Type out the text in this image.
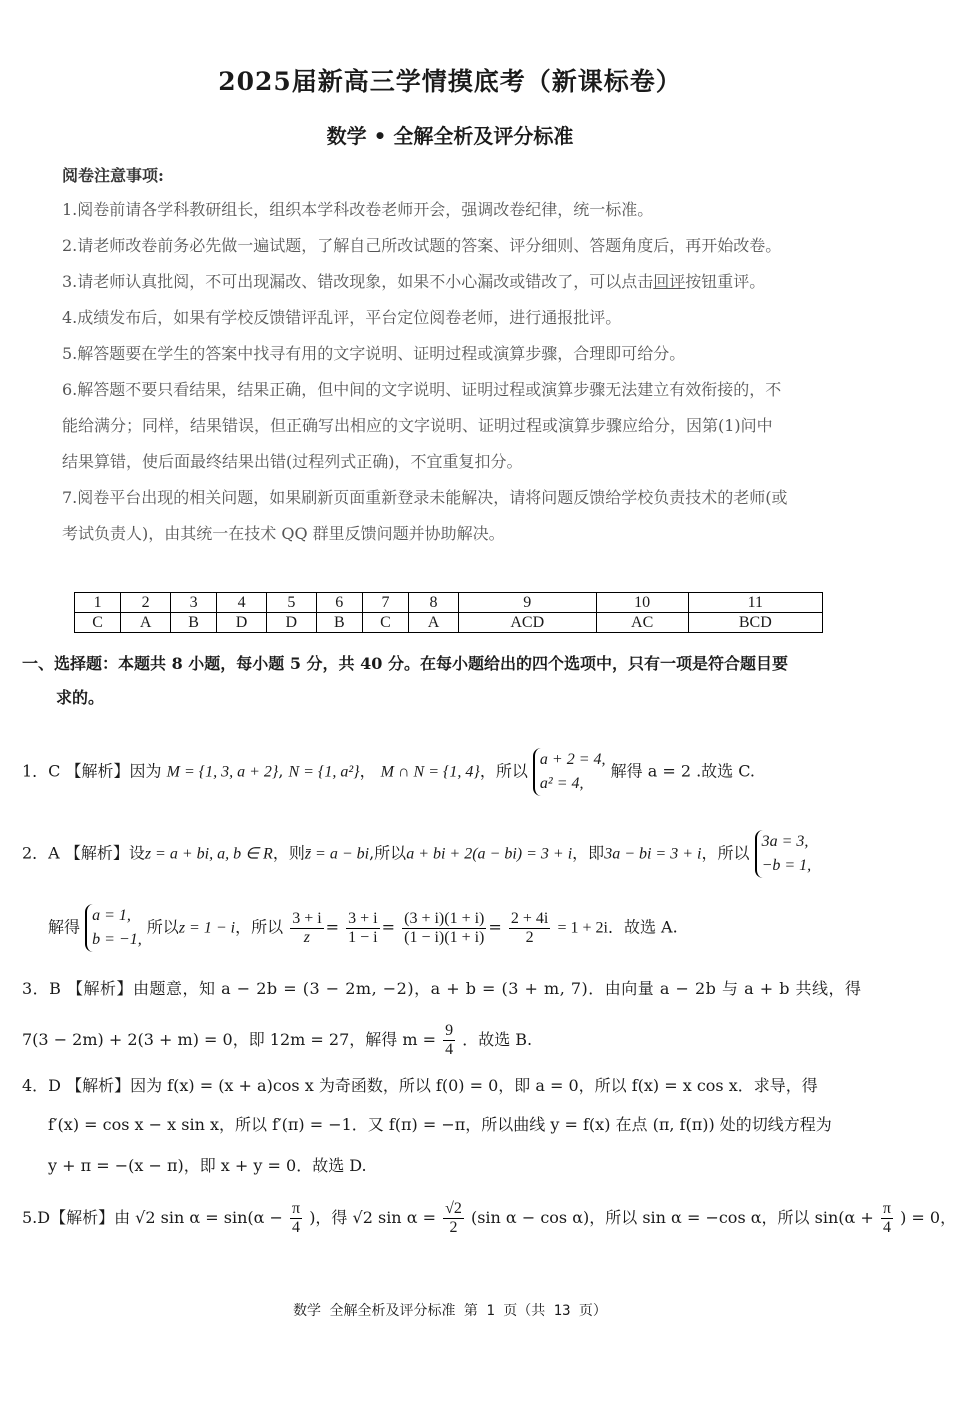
2025届新高三学情摸底考（新课标卷）
数学 • 全解全析及评分标准
阅卷注意事项:
1.阅卷前请各学科教研组长，组织本学科改卷老师开会，强调改卷纪律，统一标准。
2.请老师改卷前务必先做一遍试题，了解自己所改试题的答案、评分细则、答题角度后，再开始改卷。
3.请老师认真批阅，不可出现漏改、错改现象，如果不小心漏改或错改了，可以点击回评按钮重评。
4.成绩发布后，如果有学校反馈错评乱评，平台定位阅卷老师，进行通报批评。
5.解答题要在学生的答案中找寻有用的文字说明、证明过程或演算步骤，合理即可给分。
6.解答题不要只看结果，结果正确，但中间的文字说明、证明过程或演算步骤无法建立有效衔接的，不
能给满分；同样，结果错误，但正确写出相应的文字说明、证明过程或演算步骤应给分，因第(1)问中
结果算错，使后面最终结果出错(过程列式正确)，不宜重复扣分。
7.阅卷平台出现的相关问题，如果刷新页面重新登录未能解决，请将问题反馈给学校负责技术的老师(或
考试负责人)，由其统一在技术 QQ 群里反馈问题并协助解决。
1	2	3	4	5	6	7	8	9	10	11
C	A	B	D	D	B	C	A	ACD	AC	BCD
一、选择题：本题共 8 小题，每小题 5 分，共 40 分。在每小题给出的四个选项中，只有一项是符合题目要
求的。
1．C 【解析】因为 M = {1, 3, a + 2}, N = {1, a²}， M ∩ N = {1, 4}，所以
a + 2 = 4,
a² = 4,
解得 a = 2 .故选 C.
2．A 【解析】设z = a + bi, a, b ∈ R，则z̄ = a − bi,所以a + bi + 2(a − bi) = 3 + i，即3a − bi = 3 + i，所以
3a = 3,
−b = 1,
解得
a = 1,
b = −1,
所以z = 1 − i，所以 $\frac{3 + i}{z} = \frac{3 + i}{1 - i} = \frac{(3 + i)(1 + i)}{(1 - i)(1 + i)} = \frac{2 + 4i}{2} = 1 + 2i$．故选 A.
3．B 【解析】由题意，知 a − 2b = (3 − 2m, −2)，a + b = (3 + m, 7)．由向量 a − 2b 与 a + b 共线，得
7(3 − 2m) + 2(3 + m) = 0，即 12m = 27，解得 $m = \frac{9}{4}$ ．故选 B.
4．D 【解析】因为 f(x) = (x + a)cos x 为奇函数，所以 f(0) = 0，即 a = 0，所以 f(x) = x cos x．求导，得
f′(x) = cos x − x sin x，所以 f′(π) = −1．又 f(π) = −π，所以曲线 y = f(x) 在点 (π, f(π)) 处的切线方程为
y + π = −(x − π)，即 x + y = 0．故选 D.
5.D【解析】由 √2 $\sin \alpha = \sin(\alpha - \frac{\pi}{4}$ )，得 √2 $\sin \alpha = \frac{√2}{2} (\sin$ α − cos α)，所以 sin α = −cos α，所以 $\sin(\alpha + \frac{\pi}{4}$ ) = 0，
数学 全解全析及评分标准 第 1 页（共 13 页）
